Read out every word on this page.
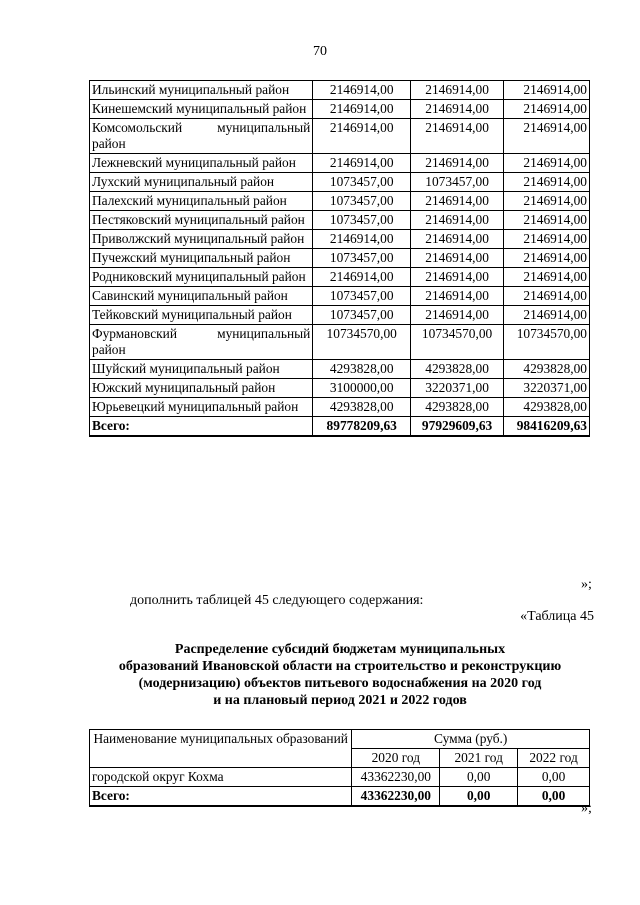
70
Ильинский муниципальный район	2146914,00	2146914,00	2146914,00
Кинешемский муниципальный район	2146914,00	2146914,00	2146914,00
Комсомольский муниципальный район	2146914,00	2146914,00	2146914,00
Лежневский муниципальный район	2146914,00	2146914,00	2146914,00
Лухский муниципальный район	1073457,00	1073457,00	2146914,00
Палехский муниципальный район	1073457,00	2146914,00	2146914,00
Пестяковский муниципальный район	1073457,00	2146914,00	2146914,00
Приволжский муниципальный район	2146914,00	2146914,00	2146914,00
Пучежский муниципальный район	1073457,00	2146914,00	2146914,00
Родниковский муниципальный район	2146914,00	2146914,00	2146914,00
Савинский муниципальный район	1073457,00	2146914,00	2146914,00
Тейковский муниципальный район	1073457,00	2146914,00	2146914,00
Фурмановский муниципальный район	10734570,00	10734570,00	10734570,00
Шуйский муниципальный район	4293828,00	4293828,00	4293828,00
Южский муниципальный район	3100000,00	3220371,00	3220371,00
Юрьевецкий муниципальный район	4293828,00	4293828,00	4293828,00
Всего:	89778209,63	97929609,63	98416209,63
»;
дополнить таблицей 45 следующего содержания:
«Таблица 45
Распределение субсидий бюджетам муниципальных
образований Ивановской области на строительство и реконструкцию
(модернизацию) объектов питьевого водоснабжения на 2020 год
и на плановый период 2021 и 2022 годов
Наименование муниципальных образований	Сумма (руб.)		
	2020 год	2021 год	2022 год
городской округ Кохма	43362230,00	0,00	0,00
Всего:	43362230,00	0,00	0,00
»;
